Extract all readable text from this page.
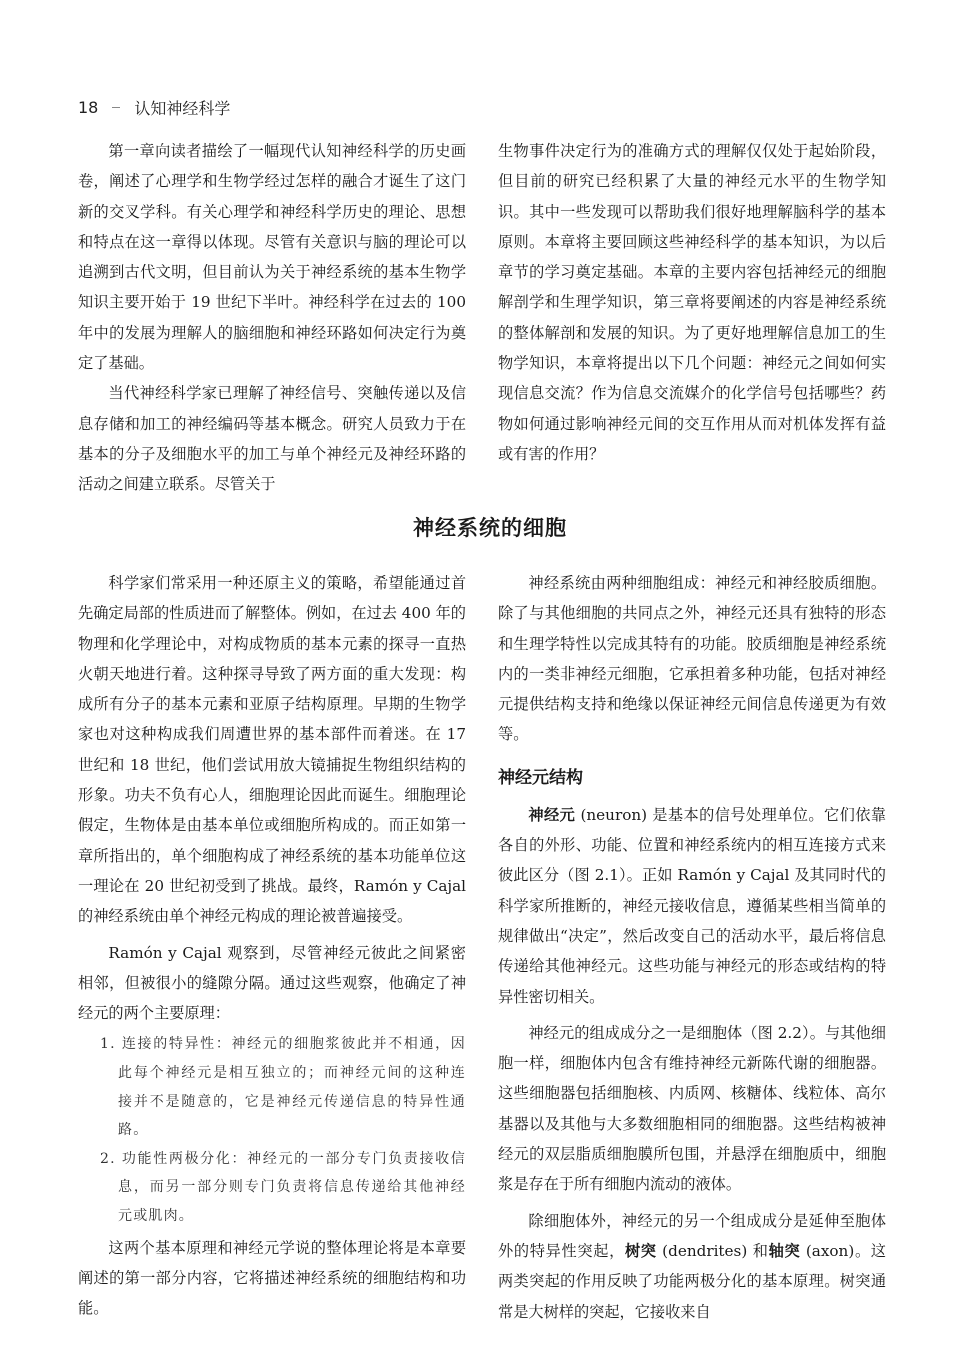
18 认知神经科学

第一章向读者描绘了一幅现代认知神经科学的历史画卷，阐述了心理学和生物学经过怎样的融合才诞生了这门新的交叉学科。有关心理学和神经科学历史的理论、思想和特点在这一章得以体现。尽管有关意识与脑的理论可以追溯到古代文明，但目前认为关于神经系统的基本生物学知识主要开始于 19 世纪下半叶。神经科学在过去的 100 年中的发展为理解人的脑细胞和神经环路如何决定行为奠定了基础。

当代神经科学家已理解了神经信号、突触传递以及信息存储和加工的神经编码等基本概念。研究人员致力于在基本的分子及细胞水平的加工与单个神经元及神经环路的活动之间建立联系。尽管关于

生物事件决定行为的准确方式的理解仅仅处于起始阶段，但目前的研究已经积累了大量的神经元水平的生物学知识。其中一些发现可以帮助我们很好地理解脑科学的基本原则。本章将主要回顾这些神经科学的基本知识，为以后章节的学习奠定基础。本章的主要内容包括神经元的细胞解剖学和生理学知识，第三章将要阐述的内容是神经系统的整体解剖和发展的知识。为了更好地理解信息加工的生物学知识，本章将提出以下几个问题：神经元之间如何实现信息交流？作为信息交流媒介的化学信号包括哪些？药物如何通过影响神经元间的交互作用从而对机体发挥有益或有害的作用？

神经系统的细胞

科学家们常采用一种还原主义的策略，希望能通过首先确定局部的性质进而了解整体。例如，在过去 400 年的物理和化学理论中，对构成物质的基本元素的探寻一直热火朝天地进行着。这种探寻导致了两方面的重大发现：构成所有分子的基本元素和亚原子结构原理。早期的生物学家也对这种构成我们周遭世界的基本部件而着迷。在 17 世纪和 18 世纪，他们尝试用放大镜捕捉生物组织结构的形象。功夫不负有心人，细胞理论因此而诞生。细胞理论假定，生物体是由基本单位或细胞所构成的。而正如第一章所指出的，单个细胞构成了神经系统的基本功能单位这一理论在 20 世纪初受到了挑战。最终，Ramón y Cajal 的神经系统由单个神经元构成的理论被普遍接受。

Ramón y Cajal 观察到，尽管神经元彼此之间紧密相邻，但被很小的缝隙分隔。通过这些观察，他确定了神经元的两个主要原理：

1. 连接的特异性：神经元的细胞浆彼此并不相通，因此每个神经元是相互独立的；而神经元间的这种连接并不是随意的，它是神经元传递信息的特异性通路。
2. 功能性两极分化：神经元的一部分专门负责接收信息，而另一部分则专门负责将信息传递给其他神经元或肌肉。

这两个基本原理和神经元学说的整体理论将是本章要阐述的第一部分内容，它将描述神经系统的细胞结构和功能。

神经系统由两种细胞组成：神经元和神经胶质细胞。除了与其他细胞的共同点之外，神经元还具有独特的形态和生理学特性以完成其特有的功能。胶质细胞是神经系统内的一类非神经元细胞，它承担着多种功能，包括对神经元提供结构支持和绝缘以保证神经元间信息传递更为有效等。

神经元结构

神经元 (neuron) 是基本的信号处理单位。它们依靠各自的外形、功能、位置和神经系统内的相互连接方式来彼此区分（图 2.1）。正如 Ramón y Cajal 及其同时代的科学家所推断的，神经元接收信息，遵循某些相当简单的规律做出“决定”，然后改变自己的活动水平，最后将信息传递给其他神经元。这些功能与神经元的形态或结构的特异性密切相关。

神经元的组成成分之一是细胞体（图 2.2）。与其他细胞一样，细胞体内包含有维持神经元新陈代谢的细胞器。这些细胞器包括细胞核、内质网、核糖体、线粒体、高尔基器以及其他与大多数细胞相同的细胞器。这些结构被神经元的双层脂质细胞膜所包围，并悬浮在细胞质中，细胞浆是存在于所有细胞内流动的液体。

除细胞体外，神经元的另一个组成成分是延伸至胞体外的特异性突起，树突 (dendrites) 和轴突 (axon)。这两类突起的作用反映了功能两极分化的基本原理。树突通常是大树样的突起，它接收来自
